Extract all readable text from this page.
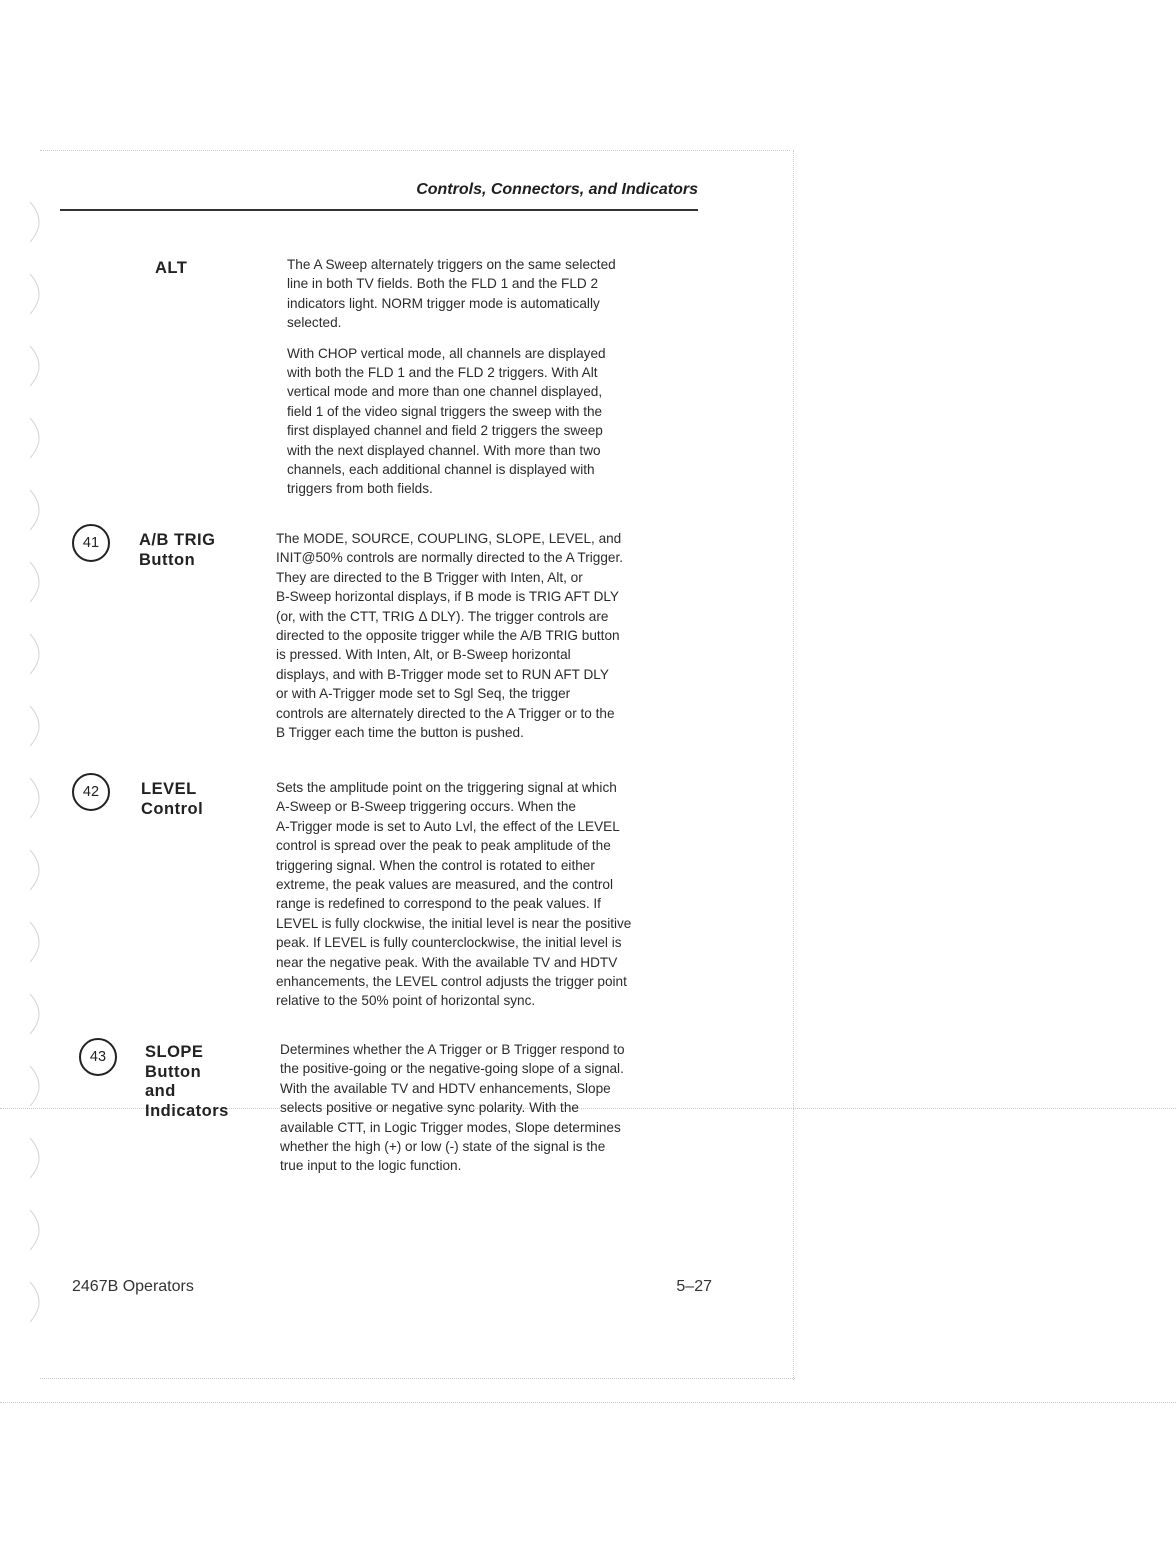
Controls, Connectors, and Indicators
ALT	The A Sweep alternately triggers on the same selected
line in both TV fields. Both the FLD 1 and the FLD 2
indicators light. NORM trigger mode is automatically
selected.

With CHOP vertical mode, all channels are displayed
with both the FLD 1 and the FLD 2 triggers. With Alt
vertical mode and more than one channel displayed,
field 1 of the video signal triggers the sweep with the
first displayed channel and field 2 triggers the sweep
with the next displayed channel. With more than two
channels, each additional channel is displayed with
triggers from both fields.

41	A/B TRIG
Button

The MODE, SOURCE, COUPLING, SLOPE, LEVEL, and
INIT@50% controls are normally directed to the A Trigger.
They are directed to the B Trigger with Inten, Alt, or
B-Sweep horizontal displays, if B mode is TRIG AFT DLY
(or, with the CTT, TRIG Δ DLY). The trigger controls are
directed to the opposite trigger while the A/B TRIG button
is pressed. With Inten, Alt, or B-Sweep horizontal
displays, and with B-Trigger mode set to RUN AFT DLY
or with A-Trigger mode set to Sgl Seq, the trigger
controls are alternately directed to the A Trigger or to the
B Trigger each time the button is pushed.

42	LEVEL
Control

Sets the amplitude point on the triggering signal at which
A-Sweep or B-Sweep triggering occurs. When the
A-Trigger mode is set to Auto Lvl, the effect of the LEVEL
control is spread over the peak to peak amplitude of the
triggering signal. When the control is rotated to either
extreme, the peak values are measured, and the control
range is redefined to correspond to the peak values. If
LEVEL is fully clockwise, the initial level is near the positive
peak. If LEVEL is fully counterclockwise, the initial level is
near the negative peak. With the available TV and HDTV
enhancements, the LEVEL control adjusts the trigger point
relative to the 50% point of horizontal sync.

43	SLOPE
Button
and
Indicators

Determines whether the A Trigger or B Trigger respond to
the positive-going or the negative-going slope of a signal.
With the available TV and HDTV enhancements, Slope
selects positive or negative sync polarity. With the
available CTT, in Logic Trigger modes, Slope determines
whether the high (+) or low (-) state of the signal is the
true input to the logic function.

2467B Operators	5–27
